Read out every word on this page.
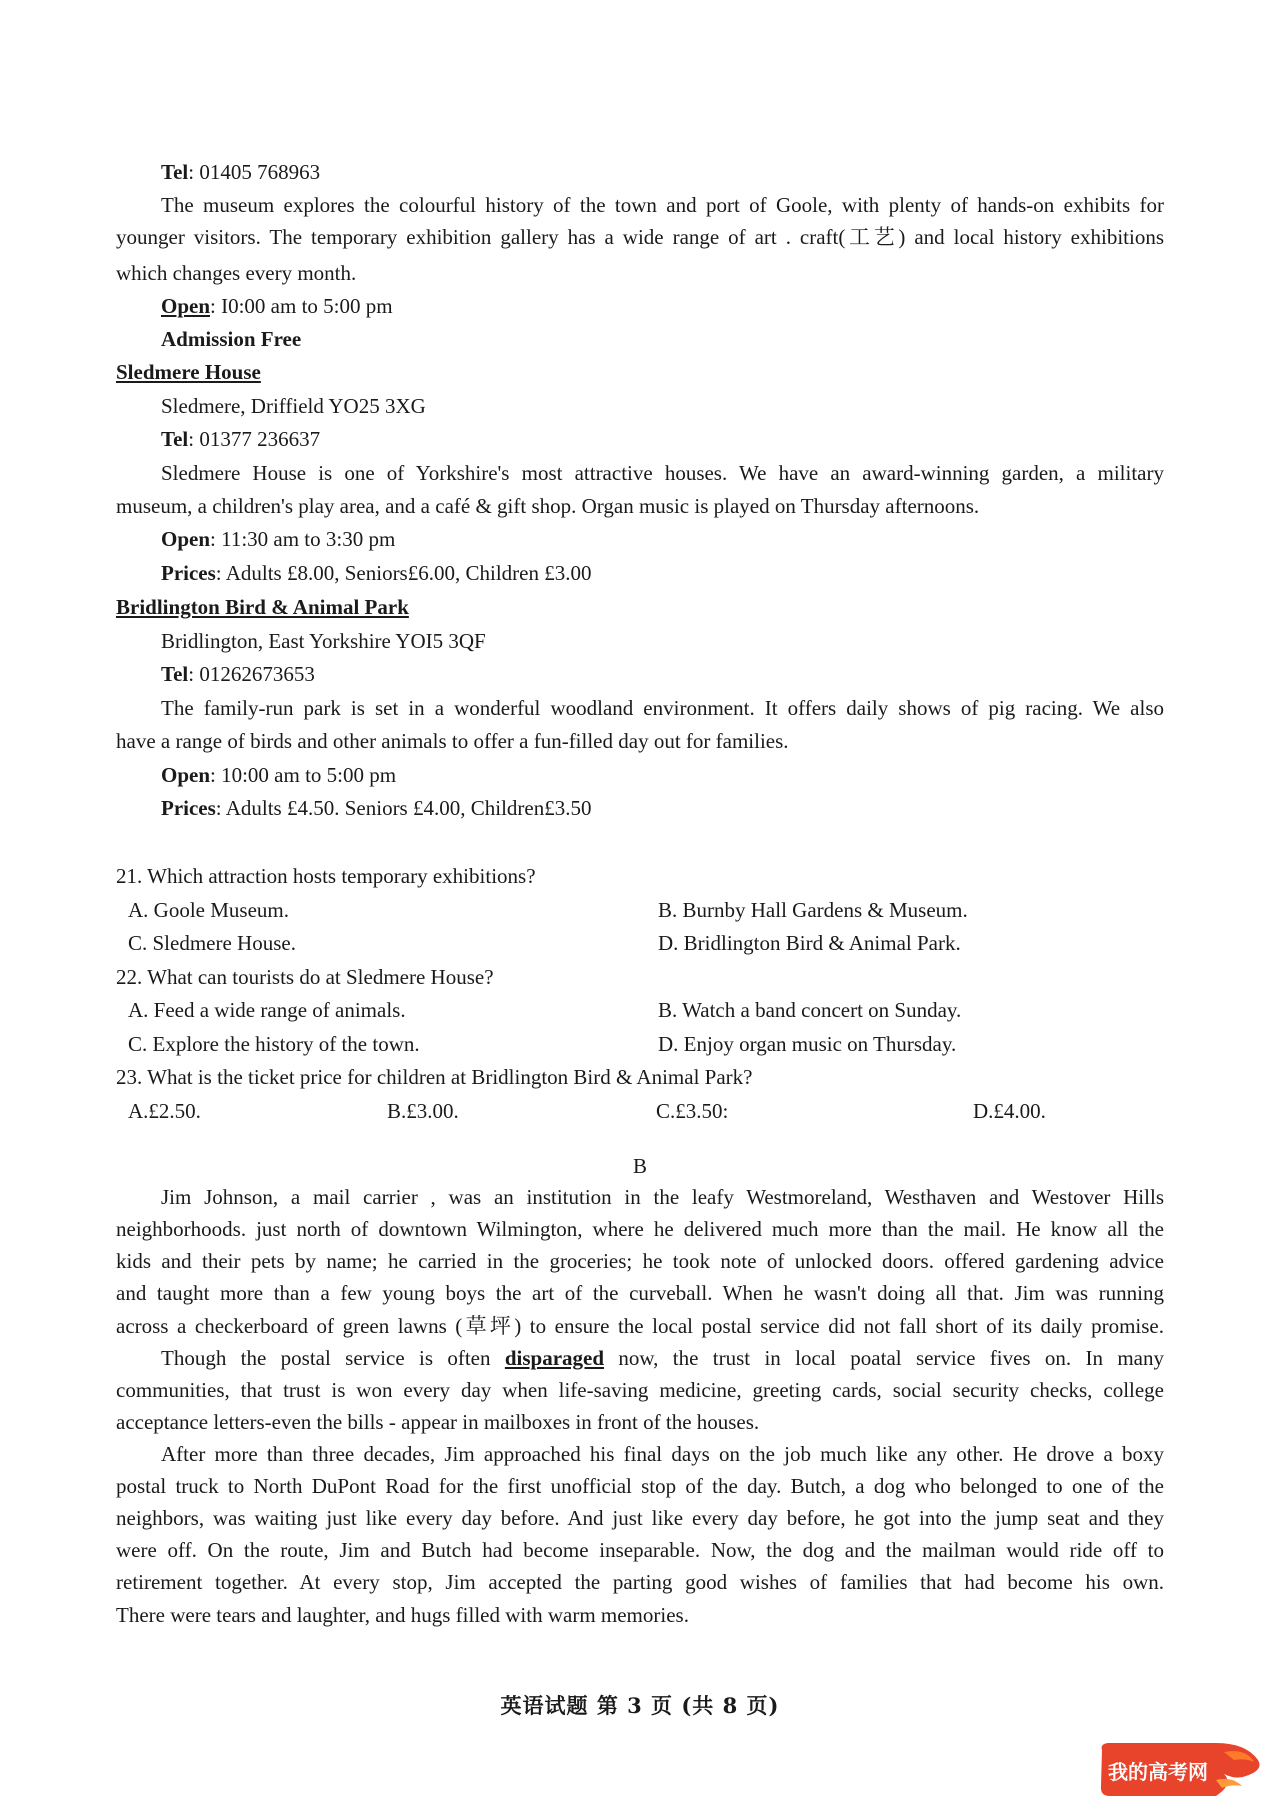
Tel: 01405 768963
The museum explores the colourful history of the town and port of Goole, with plenty of hands-on exhibits for
younger visitors. The temporary exhibition gallery has a wide range of art . craft(工艺) and local history exhibitions
which changes every month.
Open: I0:00 am to 5:00 pm
Admission Free
Sledmere House
Sledmere, Driffield YO25 3XG
Tel: 01377 236637
Sledmere House is one of Yorkshire's most attractive houses. We have an award-winning garden, a military
museum, a children's play area, and a café & gift shop. Organ music is played on Thursday afternoons.
Open: 11:30 am to 3:30 pm
Prices: Adults £8.00, Seniors£6.00, Children £3.00
Bridlington Bird & Animal Park
Bridlington, East Yorkshire YOI5 3QF
Tel: 01262673653
The family-run park is set in a wonderful woodland environment. It offers daily shows of pig racing. We also
have a range of birds and other animals to offer a fun-filled day out for families.
Open: 10:00 am to 5:00 pm
Prices: Adults £4.50. Seniors £4.00, Children£3.50
21. Which attraction hosts temporary exhibitions?
A. Goole Museum.	B. Burnby Hall Gardens & Museum.
C. Sledmere House.	D. Bridlington Bird & Animal Park.
22. What can tourists do at Sledmere House?
A. Feed a wide range of animals.	B. Watch a band concert on Sunday.
C. Explore the history of the town.	D. Enjoy organ music on Thursday.
23. What is the ticket price for children at Bridlington Bird & Animal Park?
A.£2.50.	B.£3.00.	C.£3.50:	D.£4.00.
B
Jim Johnson, a mail carrier , was an institution in the leafy Westmoreland, Westhaven and Westover Hills
neighborhoods. just north of downtown Wilmington, where he delivered much more than the mail. He know all the
kids and their pets by name; he carried in the groceries; he took note of unlocked doors. offered gardening advice
and taught more than a few young boys the art of the curveball. When he wasn't doing all that. Jim was running
across a checkerboard of green lawns (草坪) to ensure the local postal service did not fall short of its daily promise.
Though the postal service is often disparaged now, the trust in local poatal service fives on. In many
communities, that trust is won every day when life-saving medicine, greeting cards, social security checks, college
acceptance letters-even the bills - appear in mailboxes in front of the houses.
After more than three decades, Jim approached his final days on the job much like any other. He drove a boxy
postal truck to North DuPont Road for the first unofficial stop of the day. Butch, a dog who belonged to one of the
neighbors, was waiting just like every day before. And just like every day before, he got into the jump seat and they
were off. On the route, Jim and Butch had become inseparable. Now, the dog and the mailman would ride off to
retirement together. At every stop, Jim accepted the parting good wishes of families that had become his own.
There were tears and laughter, and hugs filled with warm memories.
英语试题 第 3 页 (共 8 页)
我的高考网
